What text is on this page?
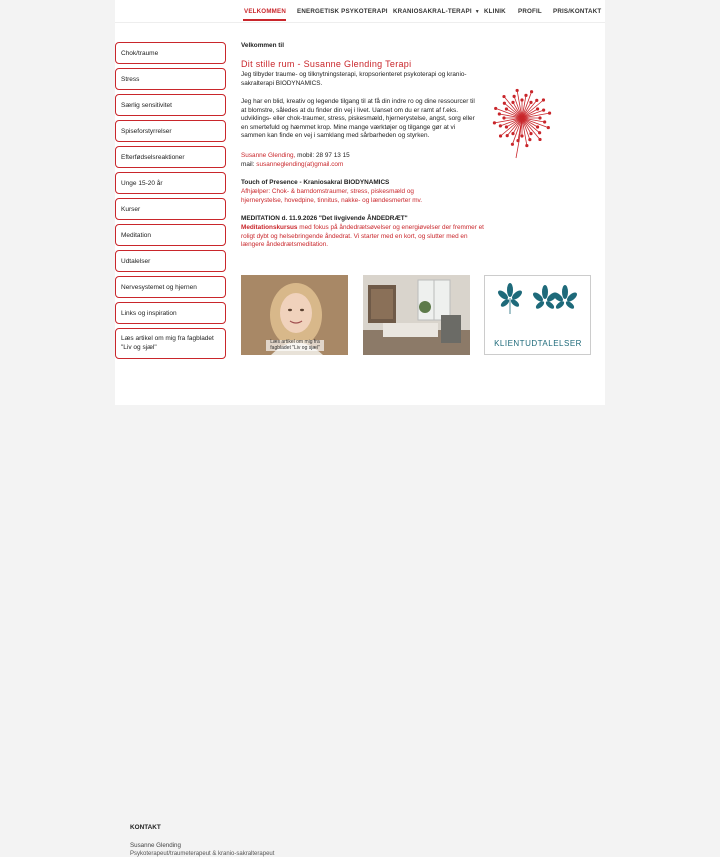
VELKOMMEN ENERGETISK PSYKOTERAPI KRANIOSAKRAL-TERAPI ▼ KLINIK PROFIL PRIS/KONTAKT
Chok/traume
Stress
Særlig sensitivitet
Spiseforstyrrelser
Efterfødselsreaktioner
Unge 15-20 år
Kurser
Meditation
Udtalelser
Nervesystemet og hjernen
Links og inspiration
Læs artikel om mig fra fagbladet "Liv og sjæl"
Velkommen til
Dit stille rum - Susanne Glending Terapi
Jeg tilbyder traume- og tilknytningsterapi, kropsorienteret psykoterapi og kranio-sakralterapi BIODYNAMICS.
Jeg har en blid, kreativ og legende tilgang til at få din indre ro og dine ressourcer til at blomstre, således at du finder din vej i livet. Uanset om du er ramt af f.eks. udviklings- eller chok-traumer, stress, piskesmæld, hjernerystelse, angst, sorg eller en smertefuld og hæmmet krop. Mine mange værktøjer og tilgange gør at vi sammen kan finde en vej i samklang med sårbarheden og styrken.
Susanne Glending, mobil: 28 97 13 15
mail: susanneglending(at)gmail.com
Touch of Presence - Kraniosakral BIODYNAMICS
Afhjælper: Chok- & barndomstraumer, stress, piskesmæld og hjernerystelse, hovedpine, tinnitus, nakke- og lændesmerter mv.
MEDITATION d. 11.9.2026 "Det livgivende ÅNDEDRÆT"
Meditationskursus med fokus på åndedrætsøvelser og energiøvelser der fremmer et roligt dybt og helsebringende åndedrat. Vi starter med en kort, og slutter med en længere åndedrætsmeditation.
Læs artikel om mig fra fagbladet "Liv og sjæl"	KLIENTUDTALELSER
KONTAKT
Susanne Glending
Psykoterapeut/traumeterapeut & kranio-sakralterapeut
